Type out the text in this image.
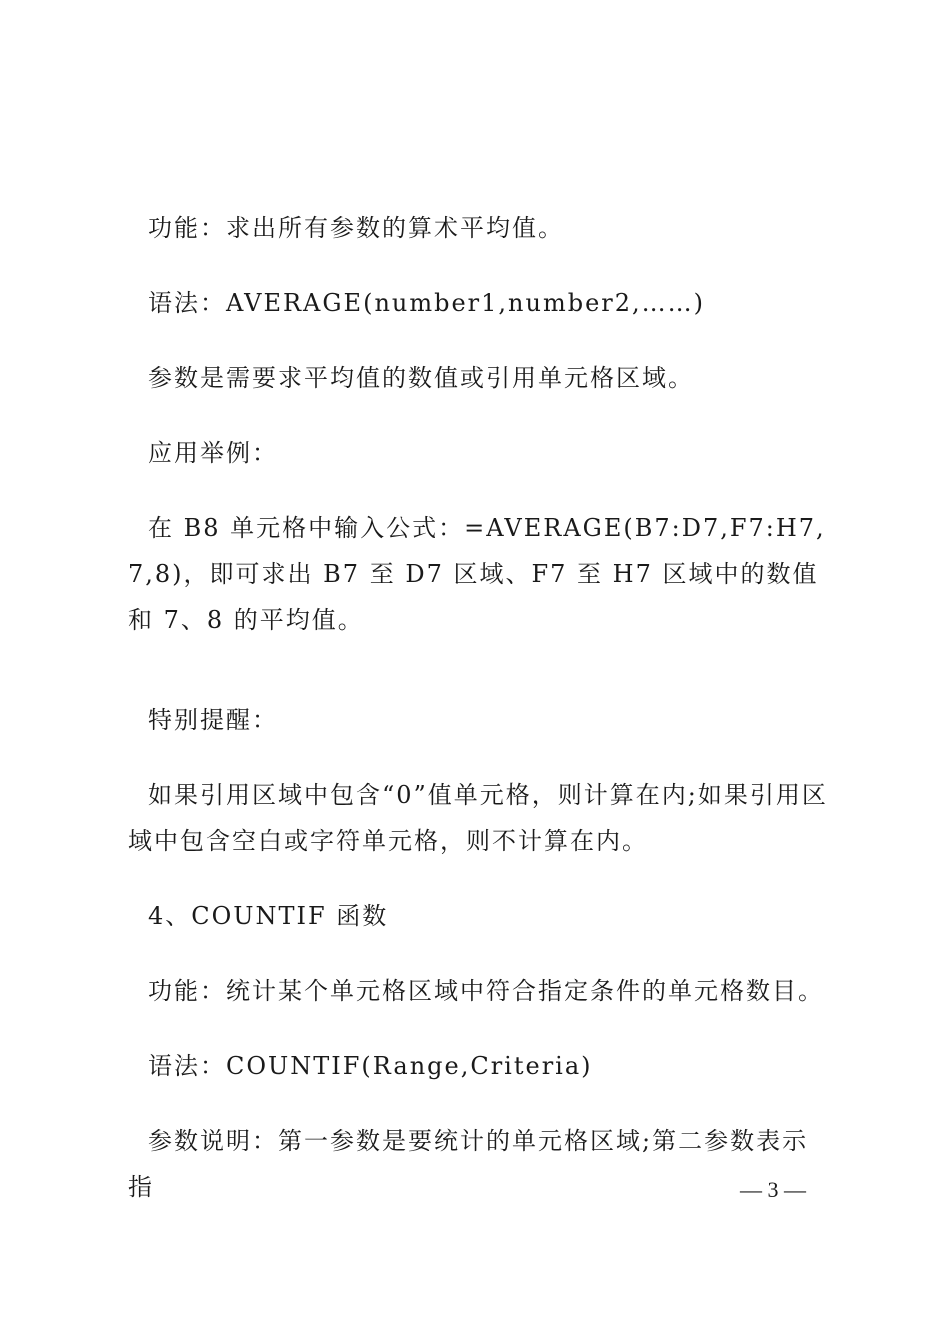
功能：求出所有参数的算术平均值。

语法：AVERAGE(number1,number2,……)

参数是需要求平均值的数值或引用单元格区域。

应用举例：

在 B8 单元格中输入公式：=AVERAGE(B7:D7,F7:H7,7,8)，即可求出 B7 至 D7 区域、F7 至 H7 区域中的数值和 7、8 的平均值。

特别提醒：

如果引用区域中包含“0”值单元格，则计算在内;如果引用区域中包含空白或字符单元格，则不计算在内。

4、COUNTIF 函数

功能：统计某个单元格区域中符合指定条件的单元格数目。

语法：COUNTIF(Range,Criteria)

参数说明：第一参数是要统计的单元格区域;第二参数表示指	— 3 —
